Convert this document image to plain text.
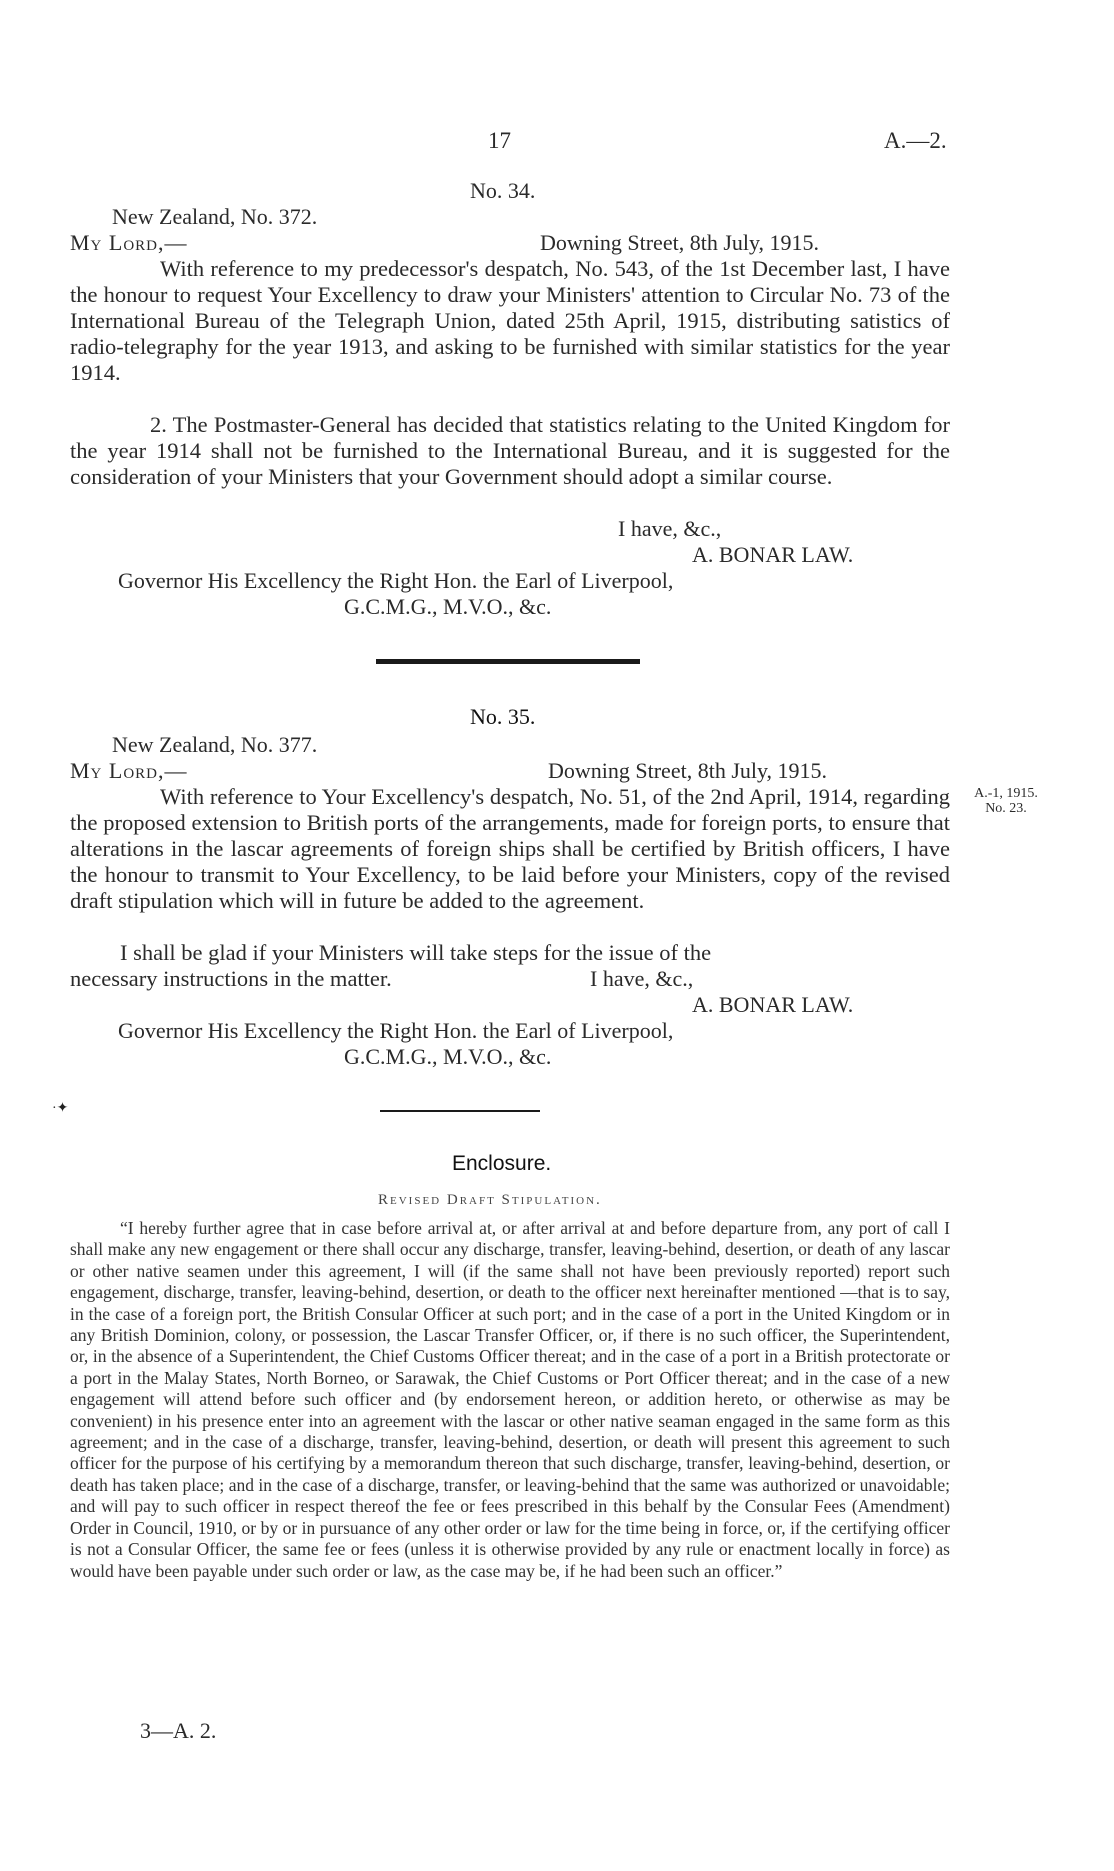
17	A.—2.
No. 34.
New Zealand, No. 372.
My Lord,—	Downing Street, 8th July, 1915.
With reference to my predecessor's despatch, No. 543, of the 1st December last, I have the honour to request Your Excellency to draw your Ministers' attention to Circular No. 73 of the International Bureau of the Telegraph Union, dated 25th April, 1915, distributing satistics of radio-telegraphy for the year 1913, and asking to be furnished with similar statistics for the year 1914.
2. The Postmaster-General has decided that statistics relating to the United Kingdom for the year 1914 shall not be furnished to the International Bureau, and it is suggested for the consideration of your Ministers that your Government should adopt a similar course.
I have, &c.,
A. BONAR LAW.
Governor His Excellency the Right Hon. the Earl of Liverpool,
G.C.M.G., M.V.O., &c.
No. 35.
New Zealand, No. 377.
My Lord,—	Downing Street, 8th July, 1915.
With reference to Your Excellency's despatch, No. 51, of the 2nd April, 1914, regarding the proposed extension to British ports of the arrangements, made for foreign ports, to ensure that alterations in the lascar agreements of foreign ships shall be certified by British officers, I have the honour to transmit to Your Excellency, to be laid before your Ministers, copy of the revised draft stipulation which will in future be added to the agreement.
I shall be glad if your Ministers will take steps for the issue of the necessary instructions in the matter.	I have, &c.,
A. BONAR LAW.
Governor His Excellency the Right Hon. the Earl of Liverpool,
G.C.M.G., M.V.O., &c.
A.-1, 1915.
No. 23.
·✦
Enclosure.
Revised Draft Stipulation.
“I hereby further agree that in case before arrival at, or after arrival at and before departure from, any port of call I shall make any new engagement or there shall occur any discharge, transfer, leaving-behind, desertion, or death of any lascar or other native seamen under this agreement, I will (if the same shall not have been previously reported) report such engagement, discharge, transfer, leaving-behind, desertion, or death to the officer next hereinafter mentioned —that is to say, in the case of a foreign port, the British Consular Officer at such port; and in the case of a port in the United Kingdom or in any British Dominion, colony, or possession, the Lascar Transfer Officer, or, if there is no such officer, the Superintendent, or, in the absence of a Superintendent, the Chief Customs Officer thereat; and in the case of a port in a British protectorate or a port in the Malay States, North Borneo, or Sarawak, the Chief Customs or Port Officer thereat; and in the case of a new engagement will attend before such officer and (by endorsement hereon, or addition hereto, or otherwise as may be convenient) in his presence enter into an agreement with the lascar or other native seaman engaged in the same form as this agreement; and in the case of a discharge, transfer, leaving-behind, desertion, or death will present this agreement to such officer for the purpose of his certifying by a memorandum thereon that such discharge, transfer, leaving-behind, desertion, or death has taken place; and in the case of a discharge, transfer, or leaving-behind that the same was authorized or unavoidable; and will pay to such officer in respect thereof the fee or fees prescribed in this behalf by the Consular Fees (Amendment) Order in Council, 1910, or by or in pursuance of any other order or law for the time being in force, or, if the certifying officer is not a Consular Officer, the same fee or fees (unless it is otherwise provided by any rule or enactment locally in force) as would have been payable under such order or law, as the case may be, if he had been such an officer.”
3—A. 2.
